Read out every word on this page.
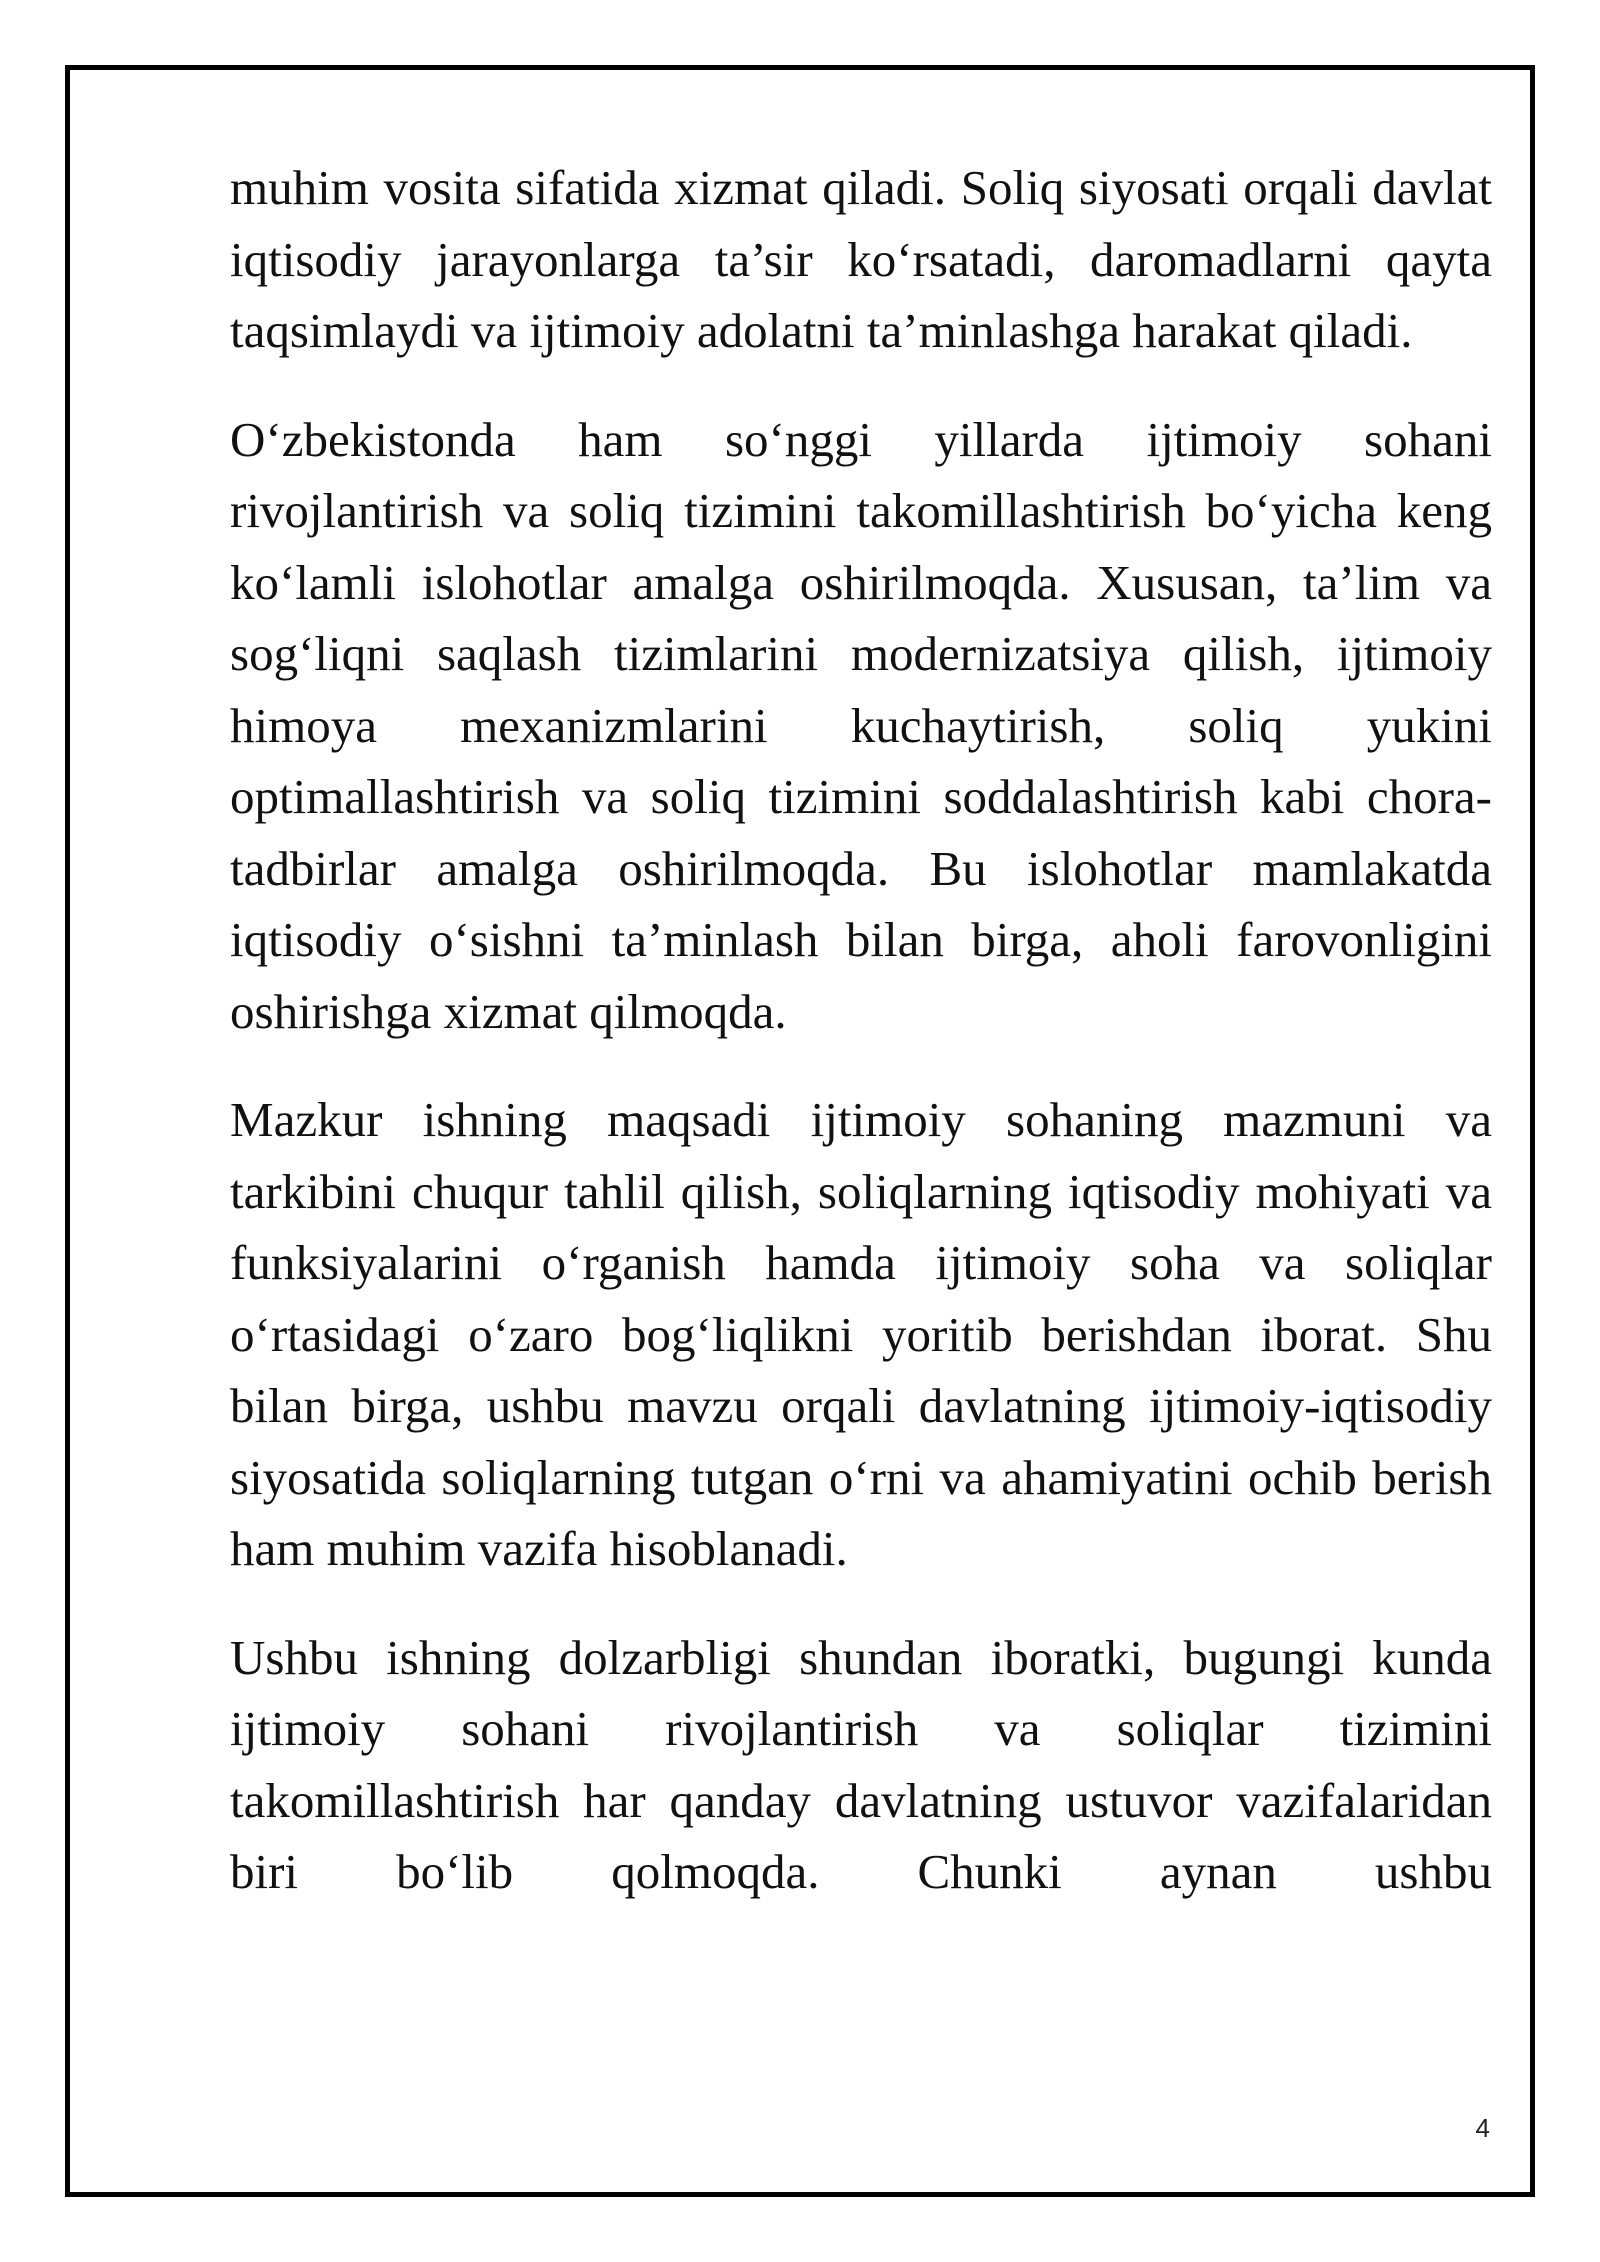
muhim vosita sifatida xizmat qiladi. Soliq siyosati orqali davlat iqtisodiy jarayonlarga ta’sir ko‘rsatadi, daromadlarni qayta taqsimlaydi va ijtimoiy adolatni ta’minlashga harakat qiladi.

O‘zbekistonda ham so‘nggi yillarda ijtimoiy sohani rivojlantirish va soliq tizimini takomillashtirish bo‘yicha keng ko‘lamli islohotlar amalga oshirilmoqda. Xususan, ta’lim va sog‘liqni saqlash tizimlarini modernizatsiya qilish, ijtimoiy himoya mexanizmlarini kuchaytirish, soliq yukini optimallashtirish va soliq tizimini soddalashtirish kabi chora-tadbirlar amalga oshirilmoqda. Bu islohotlar mamlakatda iqtisodiy o‘sishni ta’minlash bilan birga, aholi farovonligini oshirishga xizmat qilmoqda.

Mazkur ishning maqsadi ijtimoiy sohaning mazmuni va tarkibini chuqur tahlil qilish, soliqlarning iqtisodiy mohiyati va funksiyalarini o‘rganish hamda ijtimoiy soha va soliqlar o‘rtasidagi o‘zaro bog‘liqlikni yoritib berishdan iborat. Shu bilan birga, ushbu mavzu orqali davlatning ijtimoiy-iqtisodiy siyosatida soliqlarning tutgan o‘rni va ahamiyatini ochib berish ham muhim vazifa hisoblanadi.

Ushbu ishning dolzarbligi shundan iboratki, bugungi kunda ijtimoiy sohani rivojlantirish va soliqlar tizimini takomillashtirish har qanday davlatning ustuvor vazifalaridan biri bo‘lib qolmoqda. Chunki aynan ushbu

4
